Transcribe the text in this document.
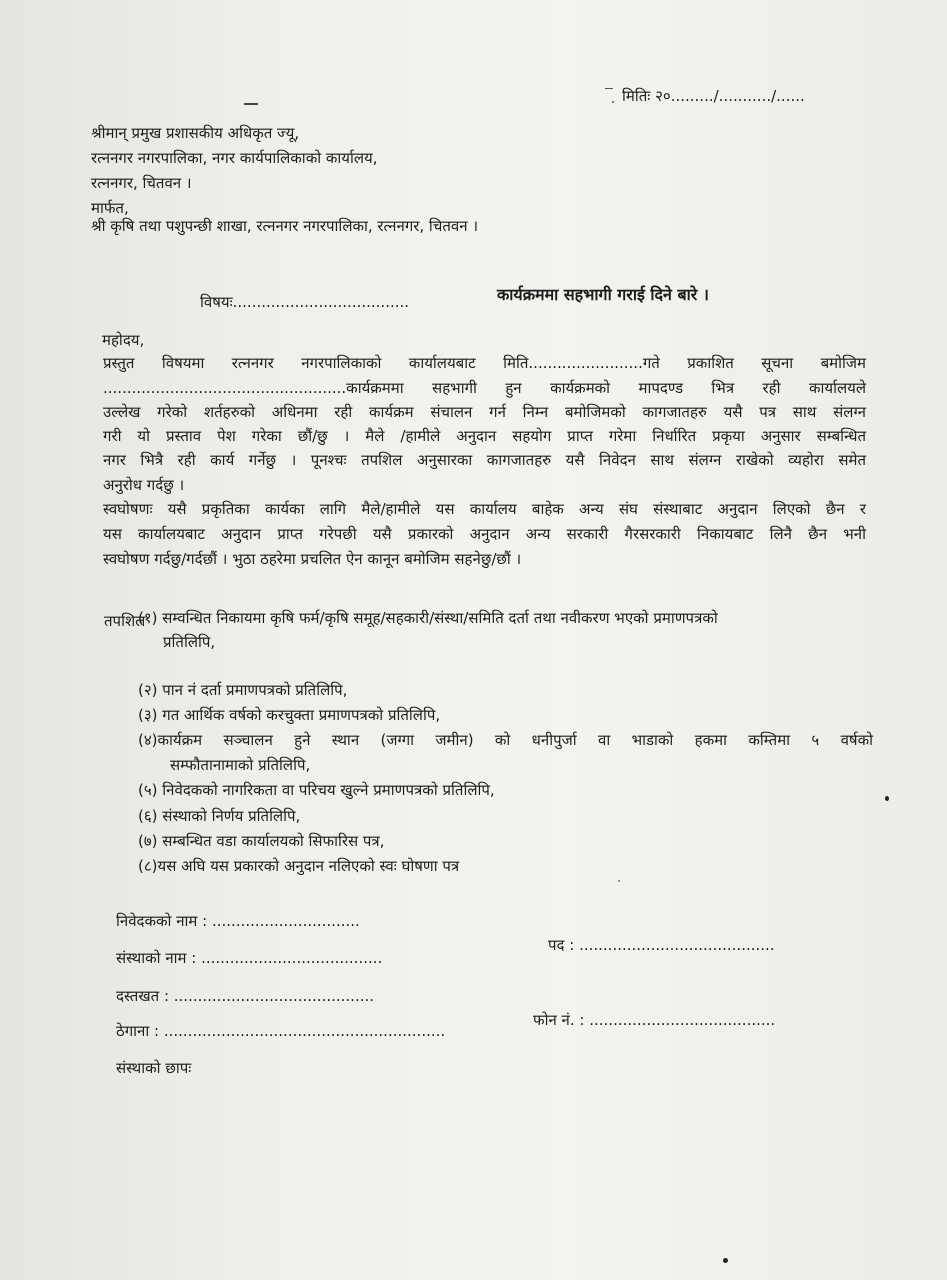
मितिः २०........./.........../......
श्रीमान् प्रमुख प्रशासकीय अधिकृत ज्यू,
रत्ननगर नगरपालिका, नगर कार्यपालिकाको कार्यालय,
रत्ननगर, चितवन ।
मार्फत,
श्री कृषि तथा पशुपन्छी शाखा, रत्ननगर नगरपालिका, रत्ननगर, चितवन ।
विषयः.....................................	कार्यक्रममा सहभागी गराई दिने बारे ।
महोदय,
प्रस्तुत विषयमा रत्ननगर नगरपालिकाको कार्यालयबाट मिति........................गते प्रकाशित सूचना बमोजिम
...................................................कार्यक्रममा सहभागी हुन कार्यक्रमको मापदण्ड भित्र रही कार्यालयले
उल्लेख गरेको शर्तहरुको अधिनमा रही कार्यक्रम संचालन गर्न निम्न बमोजिमको कागजातहरु यसै पत्र साथ संलग्न
गरी यो प्रस्ताव पेश गरेका छौं/छु । मैले /हामीले अनुदान सहयोग प्राप्त गरेमा निर्धारित प्रकृया अनुसार सम्बन्धित
नगर भित्रै रही कार्य गर्नेछु । पूनश्चः तपशिल अनुसारका कागजातहरु यसै निवेदन साथ संलग्न राखेको व्यहोरा समेत
अनुरोध गर्दछु ।
स्वघोषणः यसै प्रकृतिका कार्यका लागि मैले/हामीले यस कार्यालय बाहेक अन्य संघ संस्थाबाट अनुदान लिएको छैन र
यस कार्यालयबाट अनुदान प्राप्त गरेपछी यसै प्रकारको अनुदान अन्य सरकारी गैरसरकारी निकायबाट लिनै छैन भनी
स्वघोषण गर्दछु/गर्दछौं । भुठा ठहरेमा प्रचलित ऐन कानून बमोजिम सहनेछु/छौं ।
तपशिल
(१) सम्वन्धित निकायमा कृषि फर्म/कृषि समूह/सहकारी/संस्था/समिति दर्ता तथा नवीकरण भएको प्रमाणपत्रको
प्रतिलिपि,
(२) पान नं दर्ता प्रमाणपत्रको प्रतिलिपि,
(३) गत आर्थिक वर्षको करचुक्ता प्रमाणपत्रको प्रतिलिपि,
(४)कार्यक्रम सञ्चालन हुने स्थान (जग्गा जमीन) को धनीपुर्जा वा भाडाको हकमा कम्तिमा ५ वर्षको
सम्फौतानामाको प्रतिलिपि,
(५) निवेदकको नागरिकता वा परिचय खुल्ने प्रमाणपत्रको प्रतिलिपि,
(६) संस्थाको निर्णय प्रतिलिपि,
(७) सम्बन्धित वडा कार्यालयको सिफारिस पत्र,
(८)यस अघि यस प्रकारको अनुदान नलिएको स्वः घोषणा पत्र
निवेदकको नाम : ...............................
पद : .........................................
संस्थाको नाम : ......................................
दस्तखत : ..........................................
फोन नं. : .......................................
ठेगाना : ...........................................................
संस्थाको छापः
